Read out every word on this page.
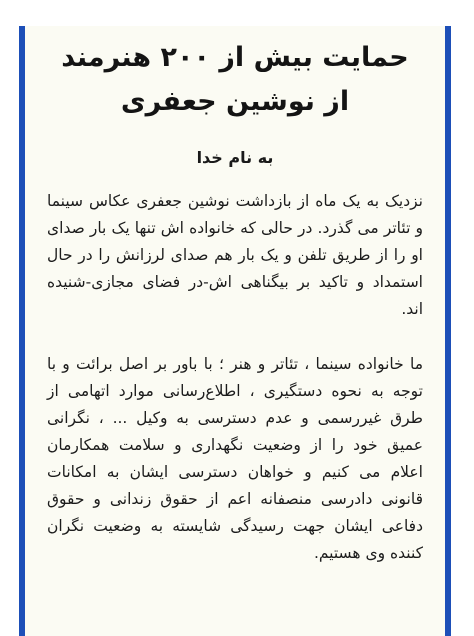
حمایت بیش از ۲۰۰ هنرمند از نوشین جعفری
به نام خدا

نزدیک به یک ماه از بازداشت نوشین جعفری عکاس سینما و تئاتر می گذرد. در حالی که خانواده اش تنها یک بار صدای او را از طریق تلفن و یک بار هم صدای لرزانش را در حال استمداد و تاکید بر بیگناهی اش-در فضای مجازی-شنیده اند.

ما خانواده سینما ، تئاتر و هنر ؛ با باور بر اصل برائت و با توجه به نحوه دستگیری ، اطلاع‌رسانی موارد اتهامی از طرق غیررسمی و عدم دسترسی به وکیل ... ، نگرانی عمیق خود را از وضعیت نگهداری و سلامت همکارمان اعلام می کنیم و خواهان دسترسی ایشان به امکانات قانونی دادرسی منصفانه اعم از حقوق زندانی و حقوق دفاعی ایشان جهت رسیدگی شایسته به وضعیت نگران کننده وی هستیم.
